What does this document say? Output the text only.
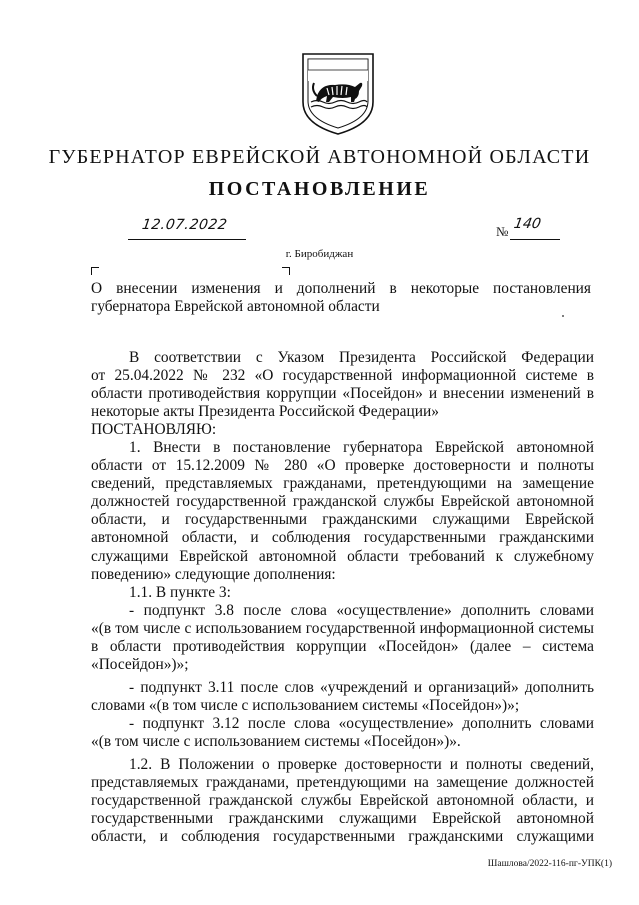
ГУБЕРНАТОР ЕВРЕЙСКОЙ АВТОНОМНОЙ ОБЛАСТИ
ПОСТАНОВЛЕНИЕ
12.07.2022	№ 140
г. Биробиджан
О внесении изменения и дополнений в некоторые постановления
губернатора Еврейской автономной области
В соответствии с Указом Президента Российской Федерации
от 25.04.2022 № 232 «О государственной информационной системе в
области противодействия коррупции «Посейдон» и внесении изменений в
некоторые акты Президента Российской Федерации»
ПОСТАНОВЛЯЮ:
1. Внести в постановление губернатора Еврейской автономной
области от 15.12.2009 № 280 «О проверке достоверности и полноты
сведений, представляемых гражданами, претендующими на замещение
должностей государственной гражданской службы Еврейской автономной
области, и государственными гражданскими служащими Еврейской
автономной области, и соблюдения государственными гражданскими
служащими Еврейской автономной области требований к служебному
поведению» следующие дополнения:
1.1. В пункте 3:
- подпункт 3.8 после слова «осуществление» дополнить словами
«(в том числе с использованием государственной информационной системы
в области противодействия коррупции «Посейдон» (далее – система
«Посейдон»)»;
- подпункт 3.11 после слов «учреждений и организаций» дополнить
словами «(в том числе с использованием системы «Посейдон»)»;
- подпункт 3.12 после слова «осуществление» дополнить словами
«(в том числе с использованием системы «Посейдон»)».
1.2. В Положении о проверке достоверности и полноты сведений,
представляемых гражданами, претендующими на замещение должностей
государственной гражданской службы Еврейской автономной области, и
государственными гражданскими служащими Еврейской автономной
области, и соблюдения государственными гражданскими служащими
Шашлова/2022-116-пг-УПК(1)
